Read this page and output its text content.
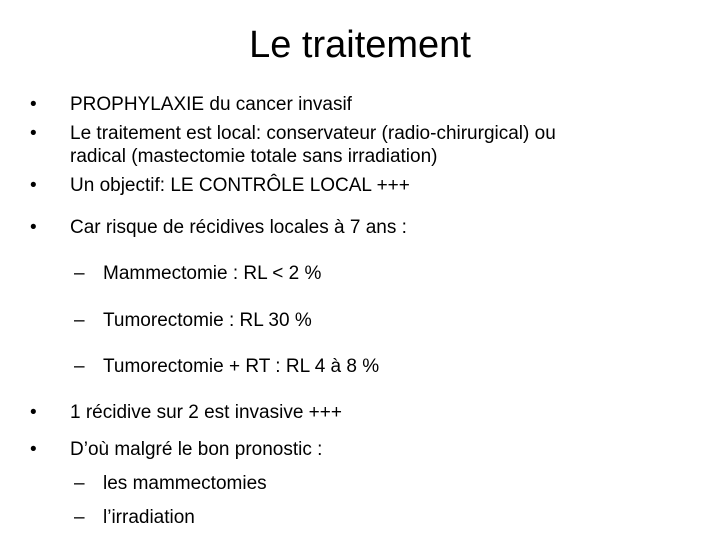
Le traitement
• PROPHYLAXIE du cancer invasif
• Le traitement est local: conservateur (radio-chirurgical) ou
radical (mastectomie totale sans irradiation)
• Un objectif: LE CONTRÔLE LOCAL +++
• Car risque de récidives locales à 7 ans :
– Mammectomie : RL < 2 %
– Tumorectomie : RL 30 %
– Tumorectomie + RT : RL 4 à 8 %
• 1 récidive sur 2 est invasive +++
• D’où malgré le bon pronostic :
– les mammectomies
– l’irradiation
